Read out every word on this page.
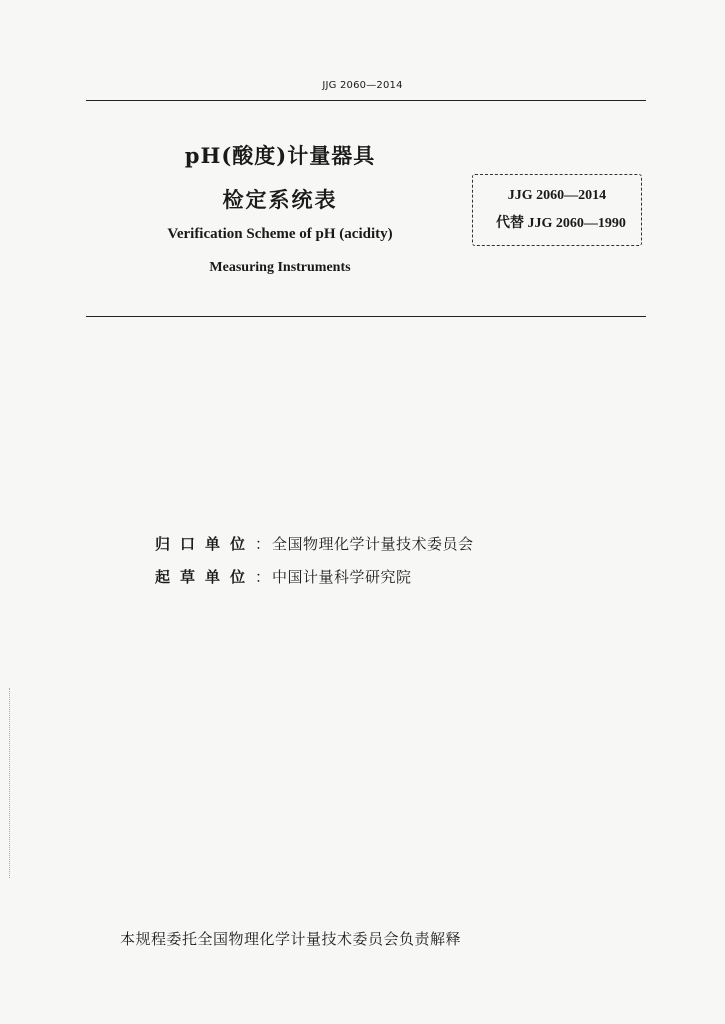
JJG 2060—2014
pH(酸度)计量器具
检定系统表
Verification Scheme of pH (acidity)
Measuring Instruments
JJG 2060—2014
代替 JJG 2060—1990
归口单位： 全国物理化学计量技术委员会
起草单位： 中国计量科学研究院
本规程委托全国物理化学计量技术委员会负责解释
